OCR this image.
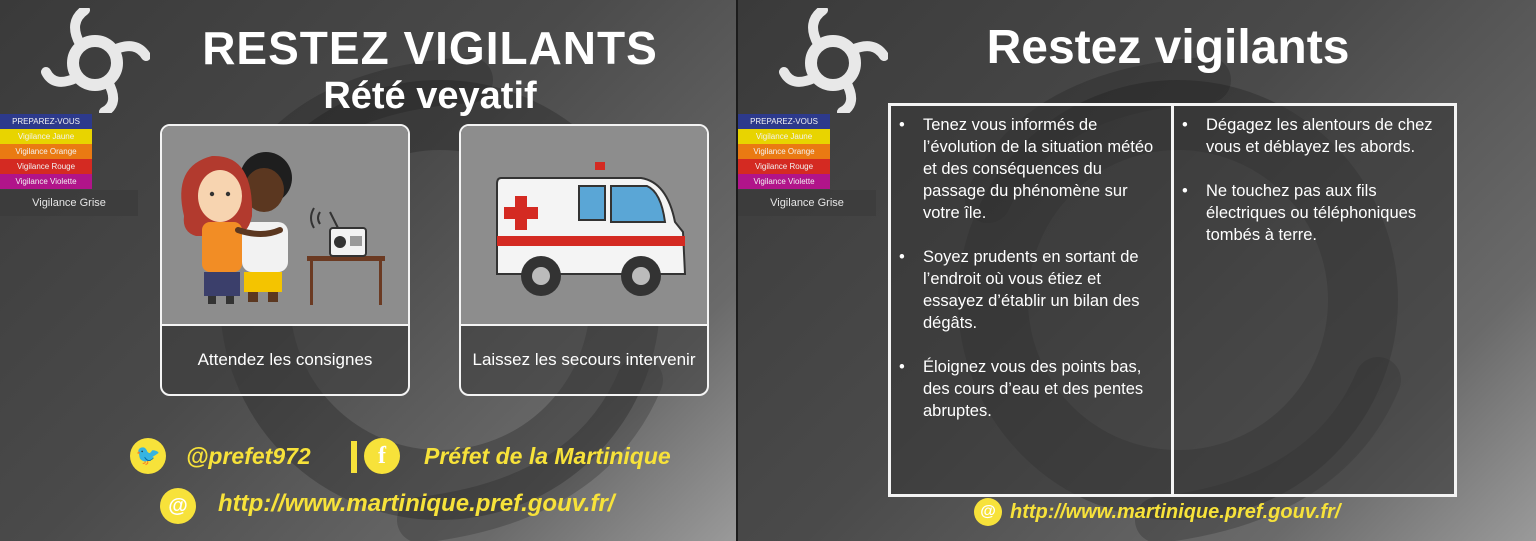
PREPAREZ-VOUS
Vigilance Jaune
Vigilance Orange
Vigilance Rouge
Vigilance Violette
Vigilance Grise
RESTEZ VIGILANTS
Rété veyatif
Attendez les consignes	Laissez les secours intervenir
🐦 @prefet972	f	Préfet de la Martinique
@	http://www.martinique.pref.gouv.fr/
PREPAREZ-VOUS
Vigilance Jaune
Vigilance Orange
Vigilance Rouge
Vigilance Violette
Vigilance Grise
Restez vigilants
• Tenez vous informés de l’évolution de la situation météo et des conséquences du passage du phénomène sur votre île.
• Soyez prudents en sortant de l’endroit où vous étiez et essayez d’établir un bilan des dégâts.
• Éloignez vous des points bas, des cours d’eau et des pentes abruptes.
• Dégagez les alentours de chez vous et déblayez les abords.
• Ne touchez pas aux fils électriques ou téléphoniques tombés à terre.
@ http://www.martinique.pref.gouv.fr/
